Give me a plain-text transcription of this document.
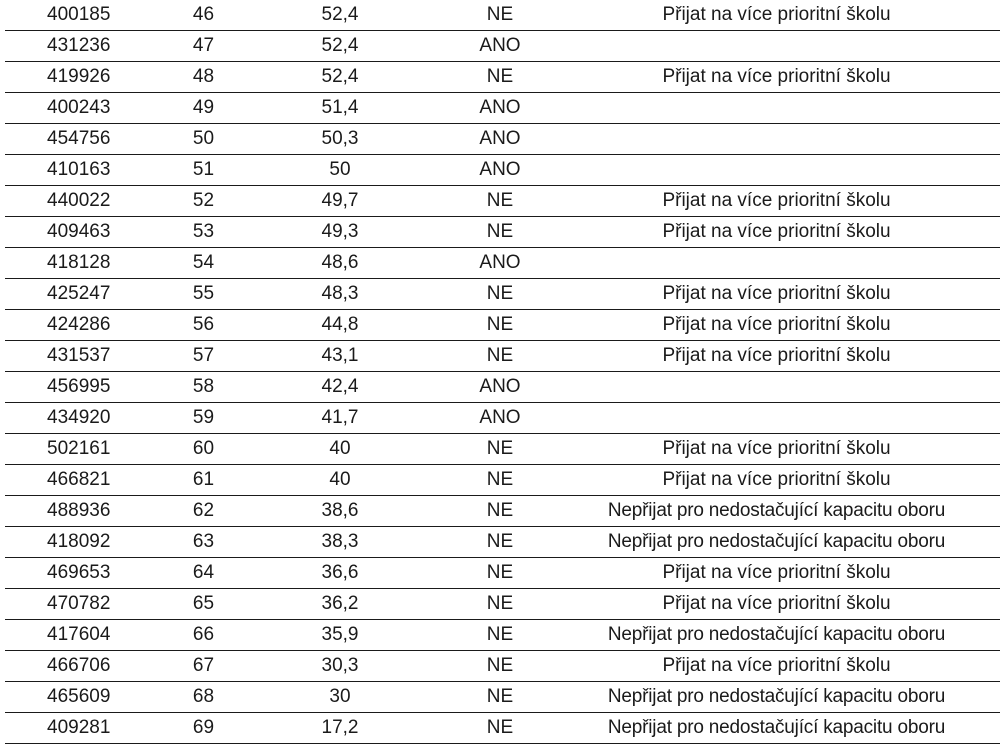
400185	46	52,4	NE	Přijat na více prioritní školu
431236	47	52,4	ANO	
419926	48	52,4	NE	Přijat na více prioritní školu
400243	49	51,4	ANO	
454756	50	50,3	ANO	
410163	51	50	ANO	
440022	52	49,7	NE	Přijat na více prioritní školu
409463	53	49,3	NE	Přijat na více prioritní školu
418128	54	48,6	ANO	
425247	55	48,3	NE	Přijat na více prioritní školu
424286	56	44,8	NE	Přijat na více prioritní školu
431537	57	43,1	NE	Přijat na více prioritní školu
456995	58	42,4	ANO	
434920	59	41,7	ANO	
502161	60	40	NE	Přijat na více prioritní školu
466821	61	40	NE	Přijat na více prioritní školu
488936	62	38,6	NE	Nepřijat pro nedostačující kapacitu oboru
418092	63	38,3	NE	Nepřijat pro nedostačující kapacitu oboru
469653	64	36,6	NE	Přijat na více prioritní školu
470782	65	36,2	NE	Přijat na více prioritní školu
417604	66	35,9	NE	Nepřijat pro nedostačující kapacitu oboru
466706	67	30,3	NE	Přijat na více prioritní školu
465609	68	30	NE	Nepřijat pro nedostačující kapacitu oboru
409281	69	17,2	NE	Nepřijat pro nedostačující kapacitu oboru
